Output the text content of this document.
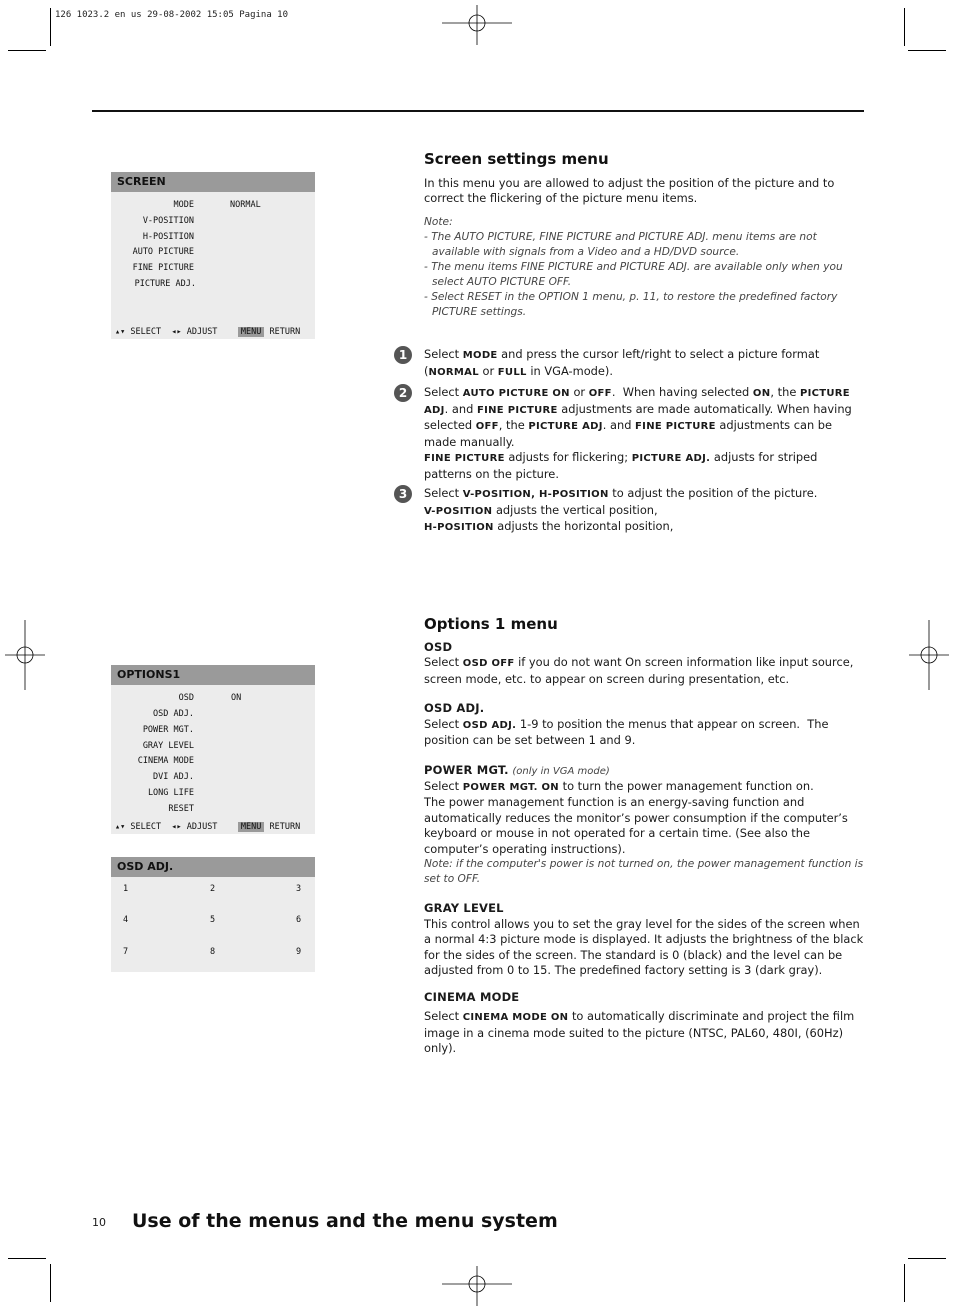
126 1023.2 en us 29-08-2002 15:05 Pagina 10
SCREEN
MODE	NORMAL
V-POSITION
H-POSITION
AUTO PICTURE
FINE PICTURE
PICTURE ADJ.
▴▾ SELECT ◂▸ ADJUST	MENU RETURN
OPTIONS1
OSD	ON
OSD ADJ.
POWER MGT.
GRAY LEVEL
CINEMA MODE
DVI ADJ.
LONG LIFE
RESET
▴▾ SELECT ◂▸ ADJUST	MENU RETURN
OSD ADJ.
1	2	3
4	5	6
7	8	9
Screen settings menu

In this menu you are allowed to adjust the position of the picture and to correct the flickering of the picture menu items.

Note:
- The AUTO PICTURE, FINE PICTURE and PICTURE ADJ. menu items are not available with signals from a Video and a HD/DVD source.
- The menu items FINE PICTURE and PICTURE ADJ. are available only when you select AUTO PICTURE OFF.
- Select RESET in the OPTION 1 menu, p. 11, to restore the predefined factory PICTURE settings.
1	Select MODE and press the cursor left/right to select a picture format (NORMAL or FULL in VGA-mode).

2	Select AUTO PICTURE ON or OFF.  When having selected ON, the PICTURE ADJ. and FINE PICTURE adjustments are made automatically. When having selected OFF, the PICTURE ADJ. and FINE PICTURE adjustments can be made manually.

FINE PICTURE adjusts for flickering; PICTURE ADJ. adjusts for striped patterns on the picture.

3	Select V-POSITION, H-POSITION to adjust the position of the picture.

V-POSITION adjusts the vertical position,

H-POSITION adjusts the horizontal position,

Options 1 menu
OSD

Select OSD OFF if you do not want On screen information like input source, screen mode, etc. to appear on screen during presentation, etc.

OSD ADJ.

Select OSD ADJ. 1-9 to position the menus that appear on screen.  The position can be set between 1 and 9.

POWER MGT. (only in VGA mode)

Select POWER MGT. ON to turn the power management function on.
The power management function is an energy-saving function and automatically reduces the monitor’s power consumption if the computer’s keyboard or mouse in not operated for a certain time. (See also the computer’s operating instructions).

Note: if the computer's power is not turned on, the power management function is set to OFF.
GRAY LEVEL

This control allows you to set the gray level for the sides of the screen when a normal 4:3 picture mode is displayed. It adjusts the brightness of the black for the sides of the screen. The standard is 0 (black) and the level can be adjusted from 0 to 15. The predefined factory setting is 3 (dark gray).

CINEMA MODE

Select CINEMA MODE ON to automatically discriminate and project the film image in a cinema mode suited to the picture (NTSC, PAL60, 480I, (60Hz) only).

10 Use of the menus and the menu system
